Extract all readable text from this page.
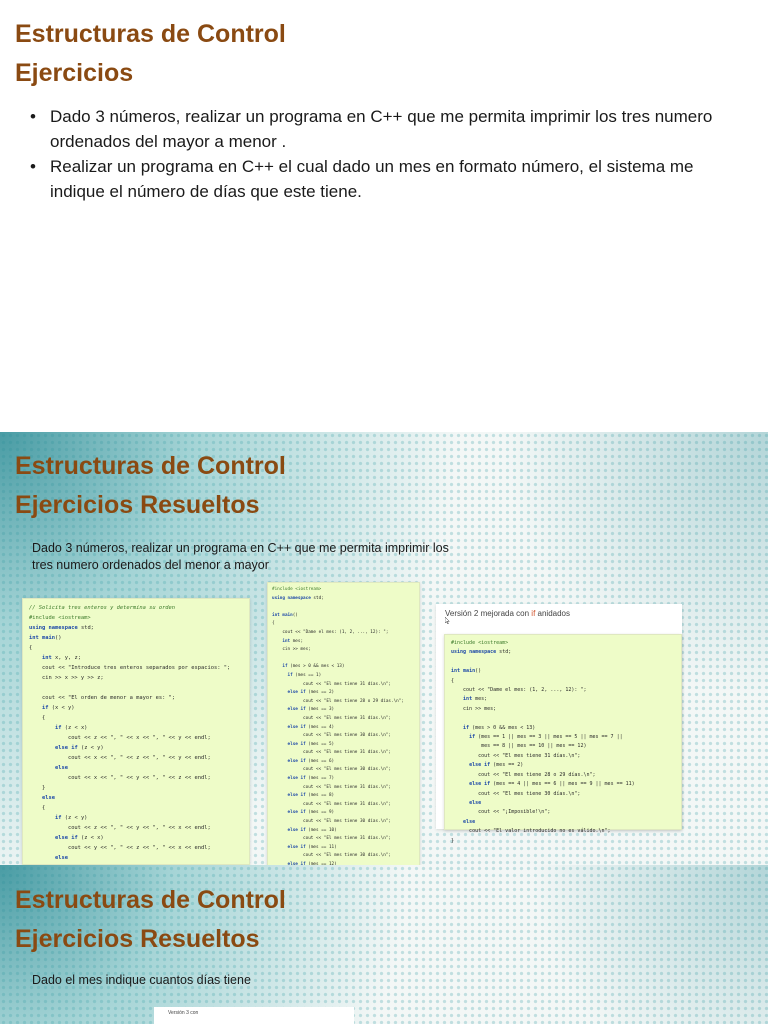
Estructuras de Control
Ejercicios
• Dado 3 números, realizar un programa en C++ que me permita imprimir los tres numero ordenados del mayor a menor .
• Realizar un programa en C++ el cual dado un mes en formato número, el sistema me indique el número de días que este tiene.
Estructuras de Control
Ejercicios Resueltos

Dado 3 números, realizar un programa en C++ que me permita imprimir los

tres numero ordenados del menor a mayor

// Solicita tres enteros y determina su orden
#include <iostream>
using namespace std;
int main()
{
int x, y, z;
cout << "Introduce tres enteros separados por espacios: ";
cin >> x >> y >> z;

cout << "El orden de menor a mayor es: ";
if (x < y)
{
if (z < x)
cout << z << ", " << x << ", " << y << endl;
else if (z < y)
cout << x << ", " << z << ", " << y << endl;
else
cout << x << ", " << y << ", " << z << endl;
}
else
{
if (z < y)
cout << z << ", " << y << ", " << x << endl;
else if (z < x)
cout << y << ", " << z << ", " << x << endl;
else
#include <iostream>
using namespace std;

int main()
{
cout << "Dame el mes: (1, 2, ..., 12): ";
int mes;
cin >> mes;

if (mes > 0 && mes < 13)
if (mes == 1)
cout << "El mes tiene 31 días.\n";
else if (mes == 2)
cout << "El mes tiene 28 o 29 días.\n";
else if (mes == 3)
cout << "El mes tiene 31 días.\n";
else if (mes == 4)
cout << "El mes tiene 30 días.\n";
else if (mes == 5)
cout << "El mes tiene 31 días.\n";
else if (mes == 6)
cout << "El mes tiene 30 días.\n";
else if (mes == 7)
cout << "El mes tiene 31 días.\n";
else if (mes == 8)
cout << "El mes tiene 31 días.\n";
else if (mes == 9)
cout << "El mes tiene 30 días.\n";
else if (mes == 10)
cout << "El mes tiene 31 días.\n";
else if (mes == 11)
cout << "El mes tiene 30 días.\n";
else if (mes == 12)

Versión 2 mejorada con if anidados
#include <iostream>
using namespace std;

int main()
{
cout << "Dame el mes: (1, 2, ..., 12): ";
int mes;
cin >> mes;

if (mes > 0 && mes < 13)
if (mes == 1 || mes == 3 || mes == 5 || mes == 7 ||
mes == 8 || mes == 10 || mes == 12)
cout << "El mes tiene 31 días.\n";
else if (mes == 2)
cout << "El mes tiene 28 o 29 días.\n";
else if (mes == 4 || mes == 6 || mes == 9 || mes == 11)
cout << "El mes tiene 30 días.\n";
else
cout << "¡Imposible!\n";
else
cout << "El valor introducido no es válido.\n";
}
Estructuras de Control
Ejercicios Resueltos

Dado el mes indique cuantos días tiene

Versión 3 con
